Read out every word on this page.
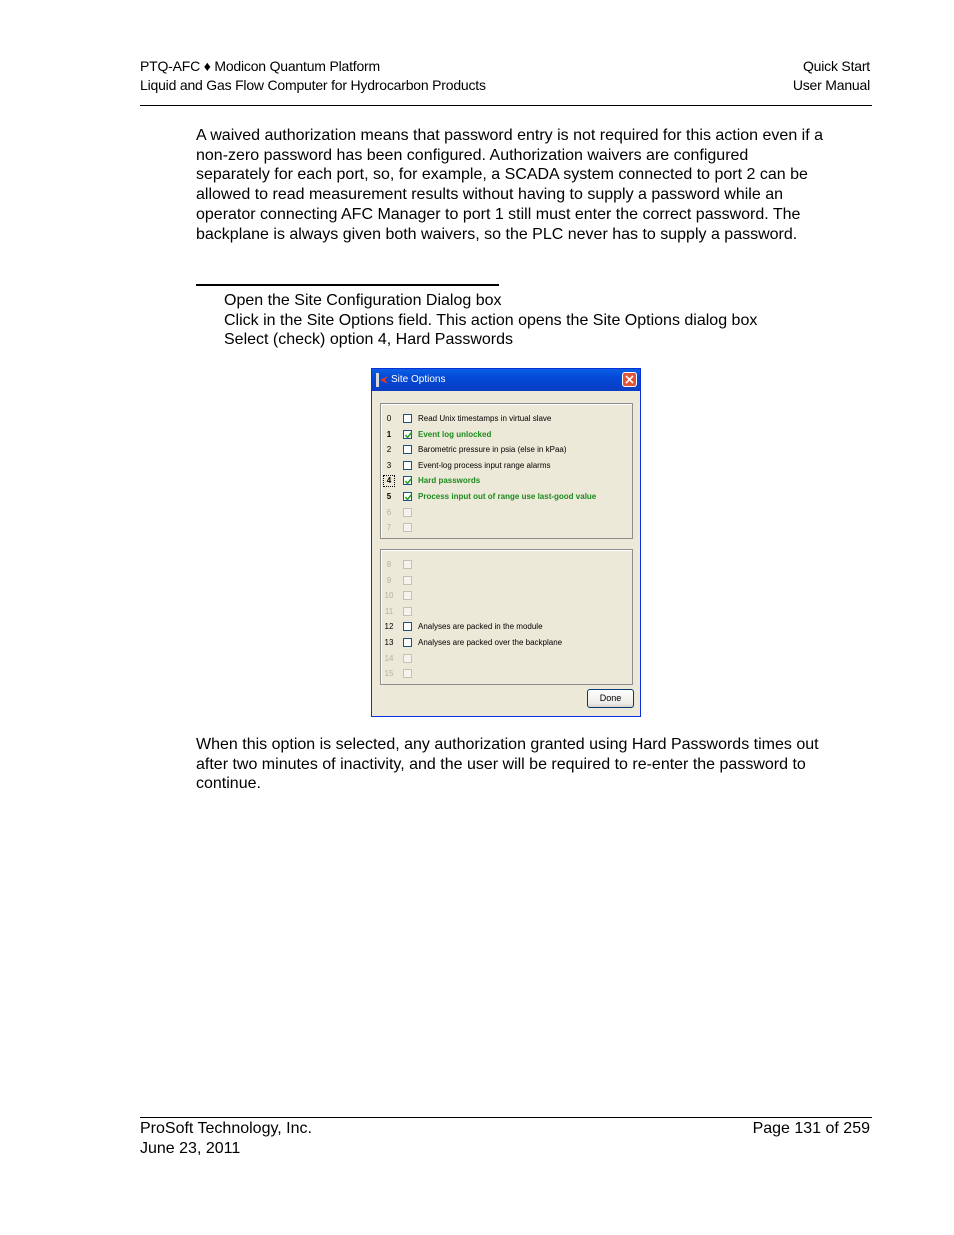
PTQ-AFC ♦ Modicon Quantum Platform
Liquid and Gas Flow Computer for Hydrocarbon Products
Quick Start
User Manual

A waived authorization means that password entry is not required for this action even if a non-zero password has been configured. Authorization waivers are configured separately for each port, so, for example, a SCADA system connected to port 2 can be allowed to read measurement results without having to supply a password while an operator connecting AFC Manager to port 1 still must enter the correct password. The backplane is always given both waivers, so the PLC never has to supply a password.

Open the Site Configuration Dialog box
Click in the Site Options field. This action opens the Site Options dialog box
Select (check) option 4, Hard Passwords
Site Options
0	Read Unix timestamps in virtual slave
1	Event log unlocked
2	Barometric pressure in psia (else in kPaa)
3	Event-log process input range alarms
4	Hard passwords
5	Process input out of range use last-good value
6
7
8
9
10
11
12	Analyses are packed in the module
13	Analyses are packed over the backplane
14
15
Done

When this option is selected, any authorization granted using Hard Passwords times out after two minutes of inactivity, and the user will be required to re-enter the password to continue.

ProSoft Technology, Inc.
June 23, 2011
Page 131 of 259
